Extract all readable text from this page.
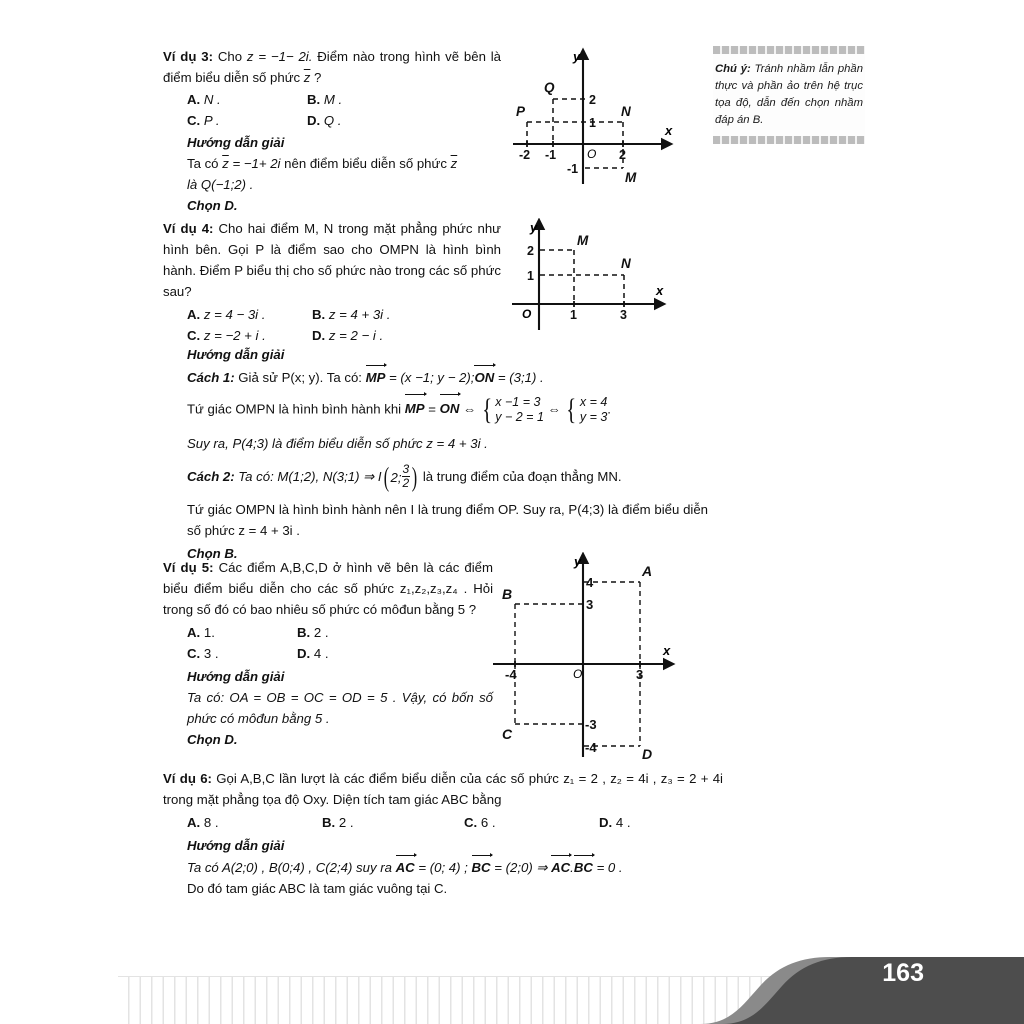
Chú ý: Tránh nhầm lẫn phần thực và phần ảo trên hệ trục tọa độ, dẫn đến chọn nhầm đáp án B.

Ví dụ 3: Cho z = −1− 2i. Điểm nào trong hình vẽ bên là điểm biểu diễn số phức $\overline{z}$ ?

A. N .	B. M .
C. P .	D. Q .

Hướng dẫn giải

Ta có $\overline{z} = -1+ 2i$ nên điểm biểu diễn số phức $\overline{z}$

là Q(−1;2) .

Chọn D.

x
y
O
-2 -1	2
2
1
-1
Q
P	N
M

Ví dụ 4: Cho hai điểm M, N trong mặt phẳng phức như hình bên. Gọi P là điểm sao cho OMPN là hình bình hành. Điểm P biểu thị cho số phức nào trong các số phức sau?

A. z = 4 − 3i .	B. z = 4 + 3i .
C. z = −2 + i .	D. z = 2 − i .
x
y
O	1	3
2
1
M
N

Hướng dẫn giải

Cách 1: Giả sử P(x; y). Ta có: MP = (x −1; y − 2);ON = (3;1) .

Tứ giác OMPN là hình bình hành khi MP = ON ⇔ { x −1 = 3
y − 2 = 1
⇔ { x = 4
y = 3
.

Suy ra, P(4;3) là điểm biểu diễn số phức z = 4 + 3i .

Cách 2: Ta có: M(1;2), N(3;1) ⇒ I ( 2; $\frac{3}{2}$ ) là trung điểm của đoạn thẳng MN.

Tứ giác OMPN là hình bình hành nên I là trung điểm OP. Suy ra, P(4;3) là điểm biểu diễn số phức z = 4 + 3i .

Chọn B.

Ví dụ 5: Các điểm A,B,C,D ở hình vẽ bên là các điểm biểu điểm biểu diễn cho các số phức z₁,z₂,z₃,z₄ . Hỏi trong số đó có bao nhiêu số phức có môđun bằng 5 ?

A. 1.	B. 2 .
C. 3 .	D. 4 .

Hướng dẫn giải

Ta có: OA = OB = OC = OD = 5 . Vậy, có bốn số phức có môđun bằng 5 .

Chọn D.

x
y
O
-4	3
4
3
-3
-4
A
B
C
D

Ví dụ 6: Gọi A,B,C lần lượt là các điểm biểu diễn của các số phức z₁ = 2 , z₂ = 4i , z₃ = 2 + 4i trong mặt phẳng tọa độ Oxy. Diện tích tam giác ABC bằng

A. 8 .	B. 2 .	C. 6 .	D. 4 .

Hướng dẫn giải

Ta có A(2;0) , B(0;4) , C(2;4) suy ra AC = (0; 4) ; BC = (2;0) ⇒ AC.BC = 0 .

Do đó tam giác ABC là tam giác vuông tại C.

163
